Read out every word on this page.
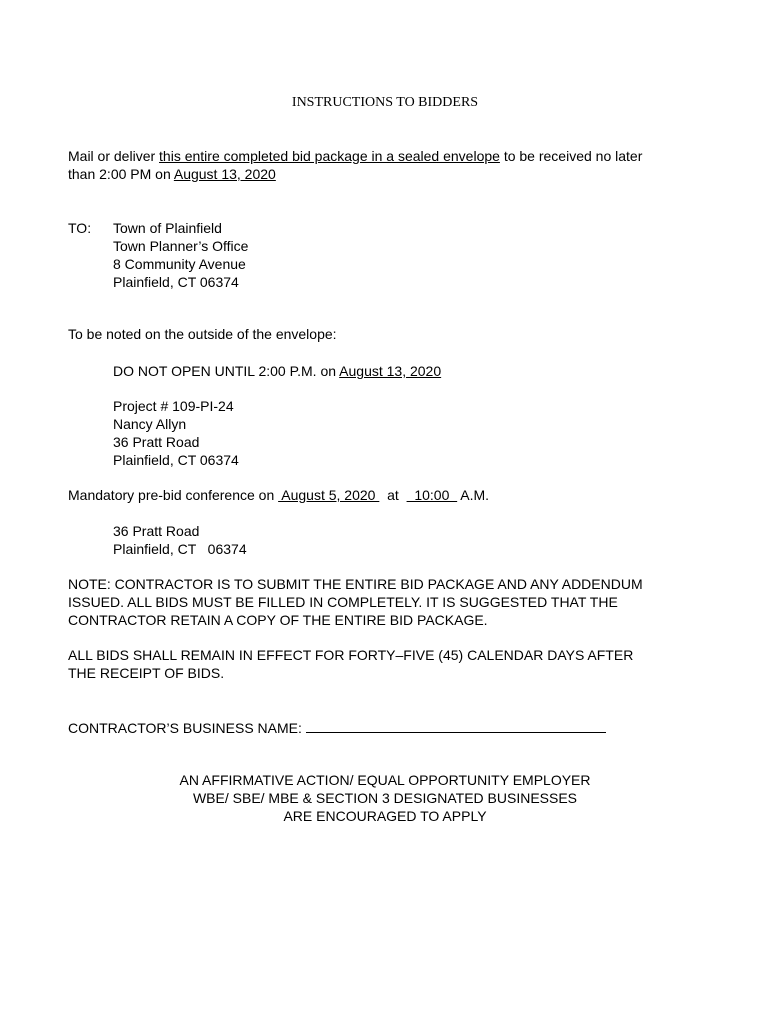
INSTRUCTIONS TO BIDDERS
Mail or deliver this entire completed bid package in a sealed envelope to be received no later
than 2:00 PM on August 13, 2020
TO: Town of Plainfield
Town Planner’s Office
8 Community Avenue
Plainfield, CT 06374
To be noted on the outside of the envelope:
DO NOT OPEN UNTIL 2:00 P.M. on August 13, 2020
Project # 109-PI-24
Nancy Allyn
36 Pratt Road
Plainfield, CT 06374
Mandatory pre-bid conference on  August 5, 2020   at    10:00   A.M.
36 Pratt Road
Plainfield, CT   06374
NOTE: CONTRACTOR IS TO SUBMIT THE ENTIRE BID PACKAGE AND ANY ADDENDUM
ISSUED. ALL BIDS MUST BE FILLED IN COMPLETELY. IT IS SUGGESTED THAT THE
CONTRACTOR RETAIN A COPY OF THE ENTIRE BID PACKAGE.
ALL BIDS SHALL REMAIN IN EFFECT FOR FORTY–FIVE (45) CALENDAR DAYS AFTER
THE RECEIPT OF BIDS.
CONTRACTOR’S BUSINESS NAME:
AN AFFIRMATIVE ACTION/ EQUAL OPPORTUNITY EMPLOYER
WBE/ SBE/ MBE & SECTION 3 DESIGNATED BUSINESSES
ARE ENCOURAGED TO APPLY
